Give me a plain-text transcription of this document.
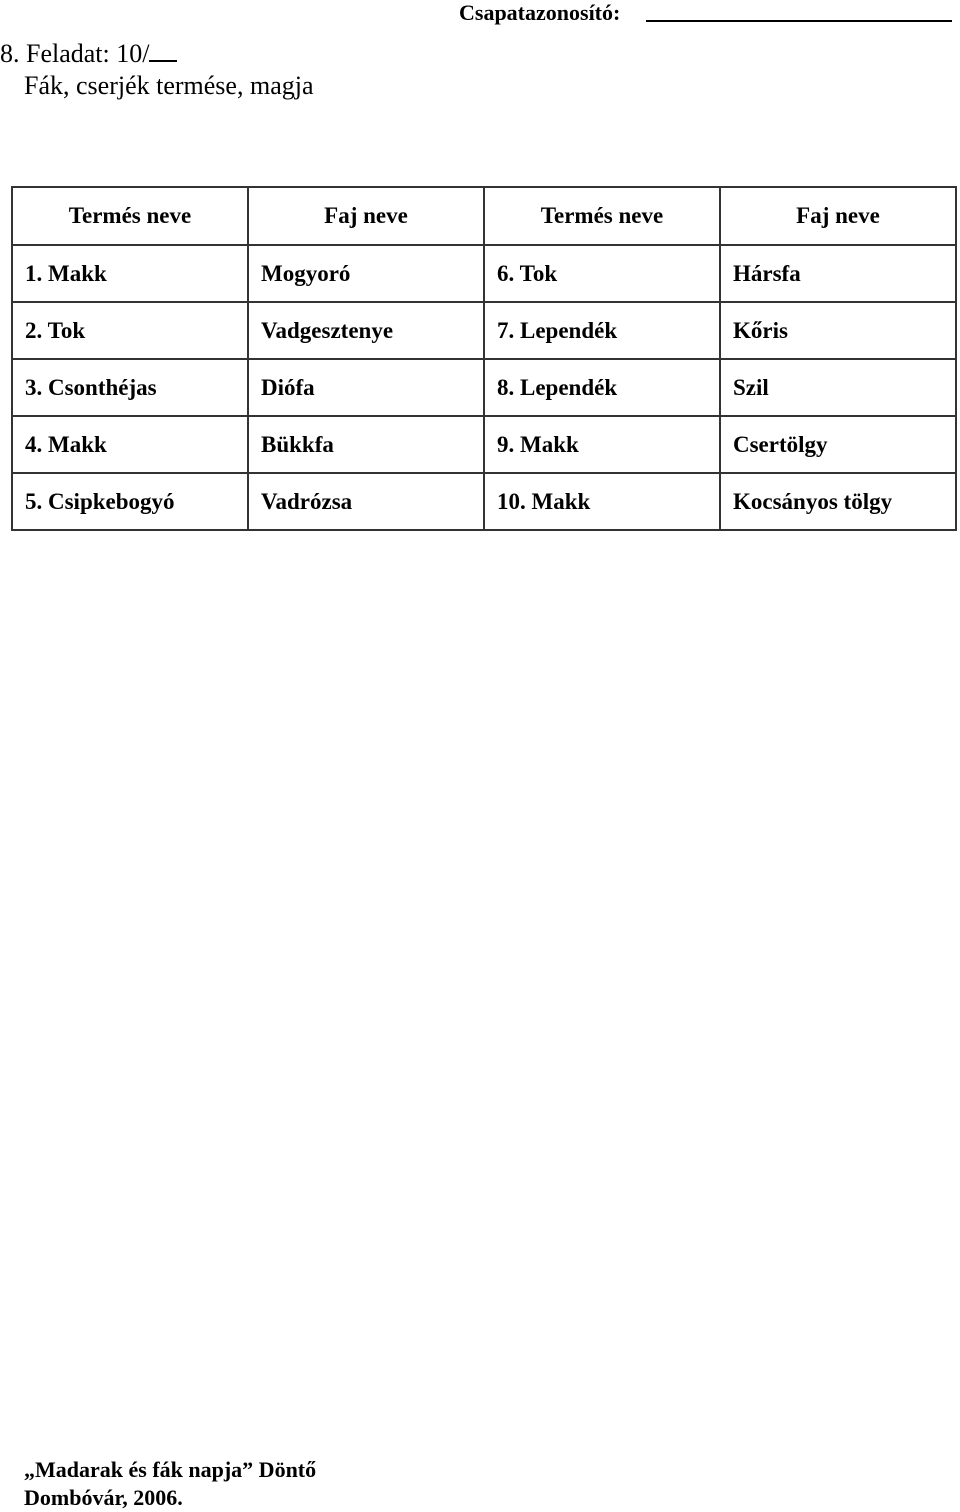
Csapatazonosító:
8. Feladat: 10/
Fák, cserjék termése, magja
Termés neve	Faj neve	Termés neve	Faj neve
1. Makk	Mogyoró	6. Tok	Hársfa
2. Tok	Vadgesztenye	7. Lependék	Kőris
3. Csonthéjas	Diófa	8. Lependék	Szil
4. Makk	Bükkfa	9. Makk	Csertölgy
5. Csipkebogyó	Vadrózsa	10. Makk	Kocsányos tölgy
„Madarak és fák napja” Döntő
Dombóvár, 2006.
